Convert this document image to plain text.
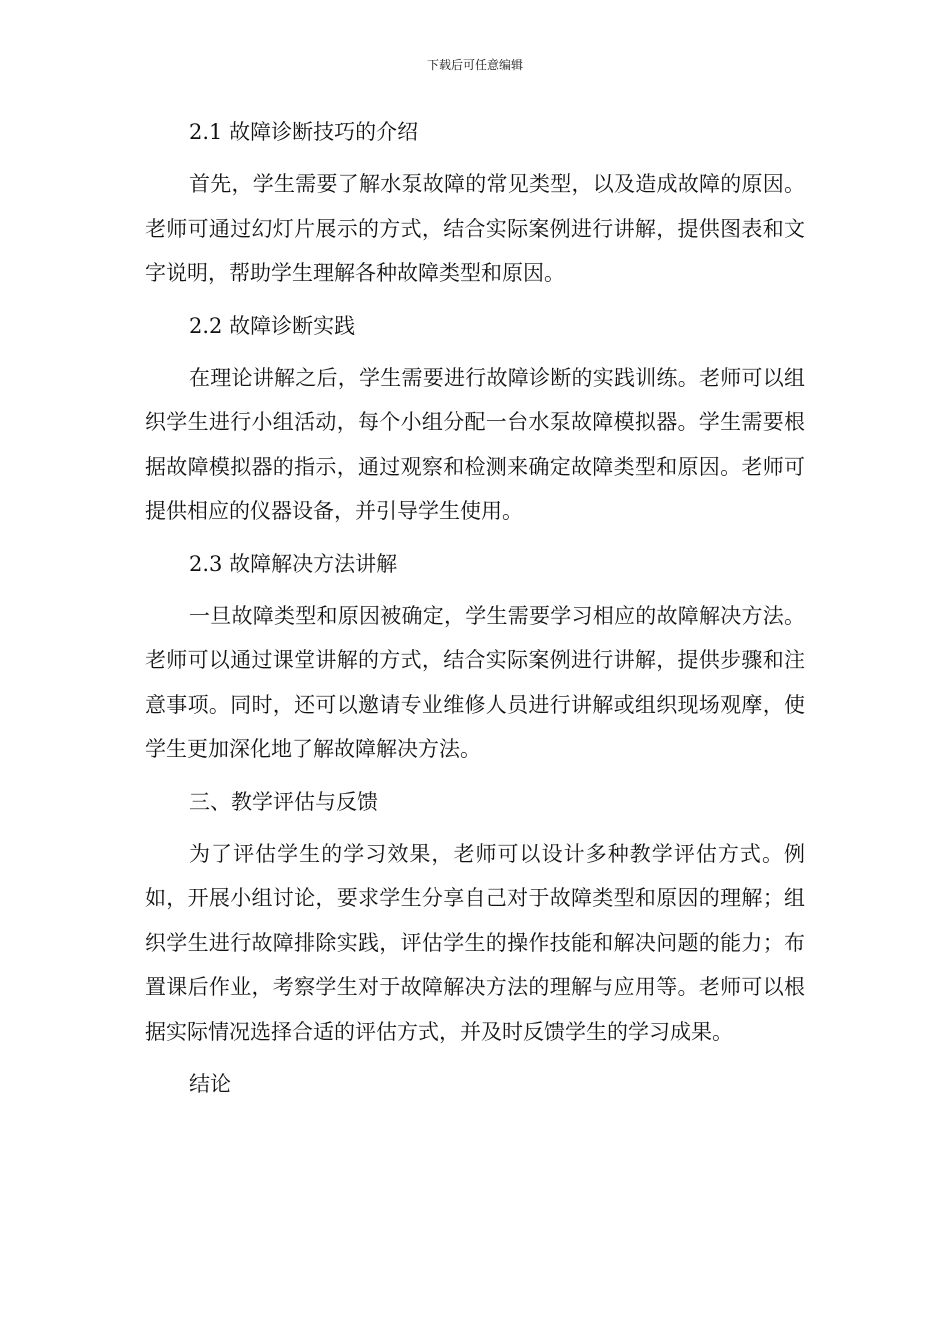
下载后可任意编辑

2.1 故障诊断技巧的介绍

首先，学生需要了解水泵故障的常见类型，以及造成故障的原因。老师可通过幻灯片展示的方式，结合实际案例进行讲解，提供图表和文字说明，帮助学生理解各种故障类型和原因。

2.2 故障诊断实践

在理论讲解之后，学生需要进行故障诊断的实践训练。老师可以组织学生进行小组活动，每个小组分配一台水泵故障模拟器。学生需要根据故障模拟器的指示，通过观察和检测来确定故障类型和原因。老师可提供相应的仪器设备，并引导学生使用。

2.3 故障解决方法讲解

一旦故障类型和原因被确定，学生需要学习相应的故障解决方法。老师可以通过课堂讲解的方式，结合实际案例进行讲解，提供步骤和注意事项。同时，还可以邀请专业维修人员进行讲解或组织现场观摩，使学生更加深化地了解故障解决方法。

三、教学评估与反馈

为了评估学生的学习效果，老师可以设计多种教学评估方式。例如，开展小组讨论，要求学生分享自己对于故障类型和原因的理解；组织学生进行故障排除实践，评估学生的操作技能和解决问题的能力；布置课后作业，考察学生对于故障解决方法的理解与应用等。老师可以根据实际情况选择合适的评估方式，并及时反馈学生的学习成果。

结论
